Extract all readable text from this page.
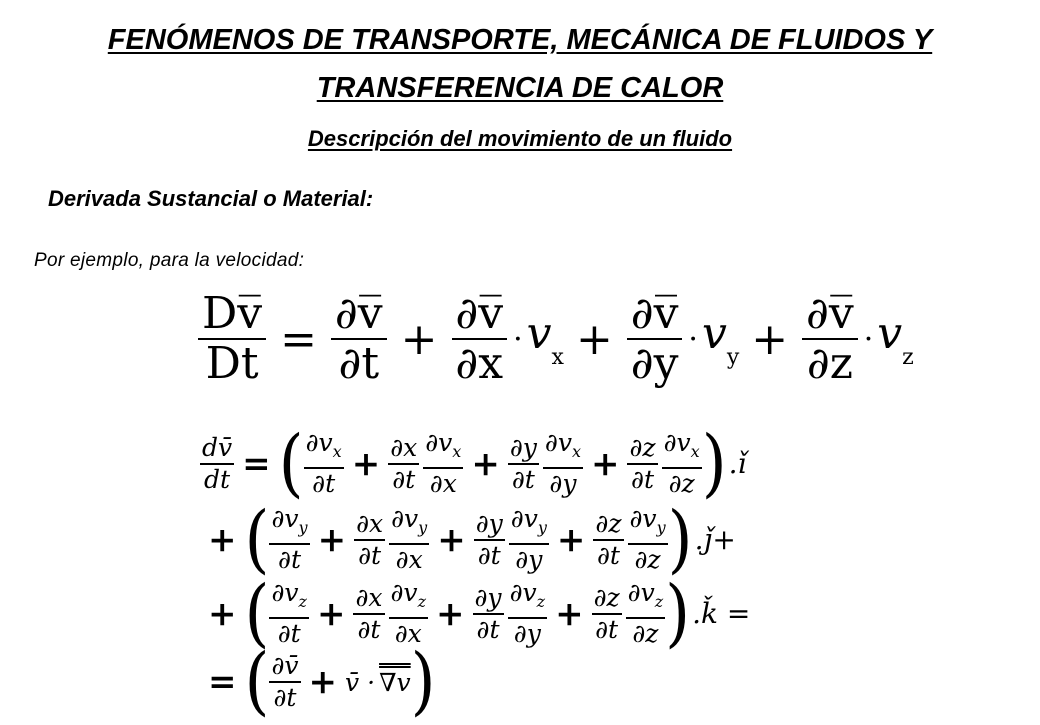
FENÓMENOS DE TRANSPORTE, MECÁNICA DE FLUIDOS Y
TRANSFERENCIA DE CALOR
Descripción del movimiento de un fluido
Derivada Sustancial o Material:
Por ejemplo, para la velocidad:
$\frac{Dv̅}{Dt} = \frac{\partial v̅}{\partial t} + \frac{\partial v̅}{\partial x} \cdot v_x + \frac{\partial v̅}{\partial y} \cdot v_y + \frac{\partial v̅}{\partial z} \cdot v_z$
$\frac{dv̄}{dt}$ = ( $\frac{\partial v_x}{\partial t} + \frac{\partial x}{\partial t} \frac{\partial v_x}{\partial x} + \frac{\partial y}{\partial t} \frac{\partial v_x}{\partial y} + \frac{\partial z}{\partial t} \frac{\partial v_x}{\partial z}$ ) .ǐ
+ ( $\frac{\partial v_y}{\partial t} + \frac{\partial x}{\partial t} \frac{\partial v_y}{\partial x} + \frac{\partial y}{\partial t} \frac{\partial v_y}{\partial y} + \frac{\partial z}{\partial t} \frac{\partial v_y}{\partial z}$ ) .ǰ+
+ ( $\frac{\partial v_z}{\partial t} + \frac{\partial x}{\partial t} \frac{\partial v_z}{\partial x} + \frac{\partial y}{\partial t} \frac{\partial v_z}{\partial y} + \frac{\partial z}{\partial t} \frac{\partial v_z}{\partial z}$ ) .ǩ =
= ( $\frac{\partial v̄}{\partial t}$ + v̄ · ∇v )
